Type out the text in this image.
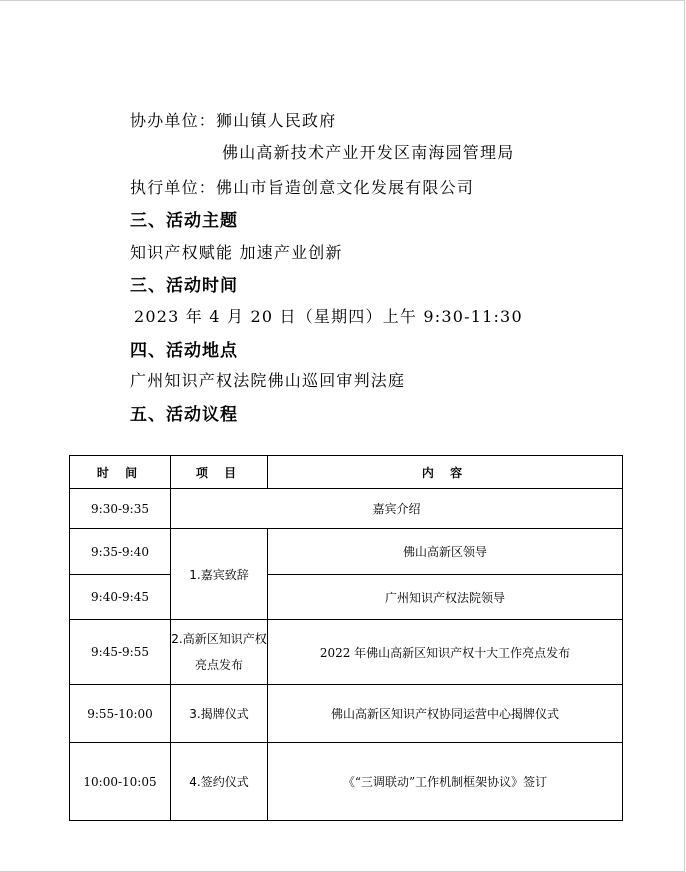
协办单位：狮山镇人民政府
佛山高新技术产业开发区南海园管理局
执行单位：佛山市旨造创意文化发展有限公司
三、活动主题
知识产权赋能 加速产业创新
三、活动时间
2023 年 4 月 20 日（星期四）上午 9:30-11:30
四、活动地点
广州知识产权法院佛山巡回审判法庭
五、活动议程
时 间	项 目	内 容
9:30-9:35	嘉宾介绍	
9:35-9:40	1.嘉宾致辞	佛山高新区领导
9:40-9:45		广州知识产权法院领导
9:45-9:55	2.高新区知识产权亮点发布	2022 年佛山高新区知识产权十大工作亮点发布
9:55-10:00	3.揭牌仪式	佛山高新区知识产权协同运营中心揭牌仪式
10:00-10:05	4.签约仪式	《“三调联动”工作机制框架协议》签订
